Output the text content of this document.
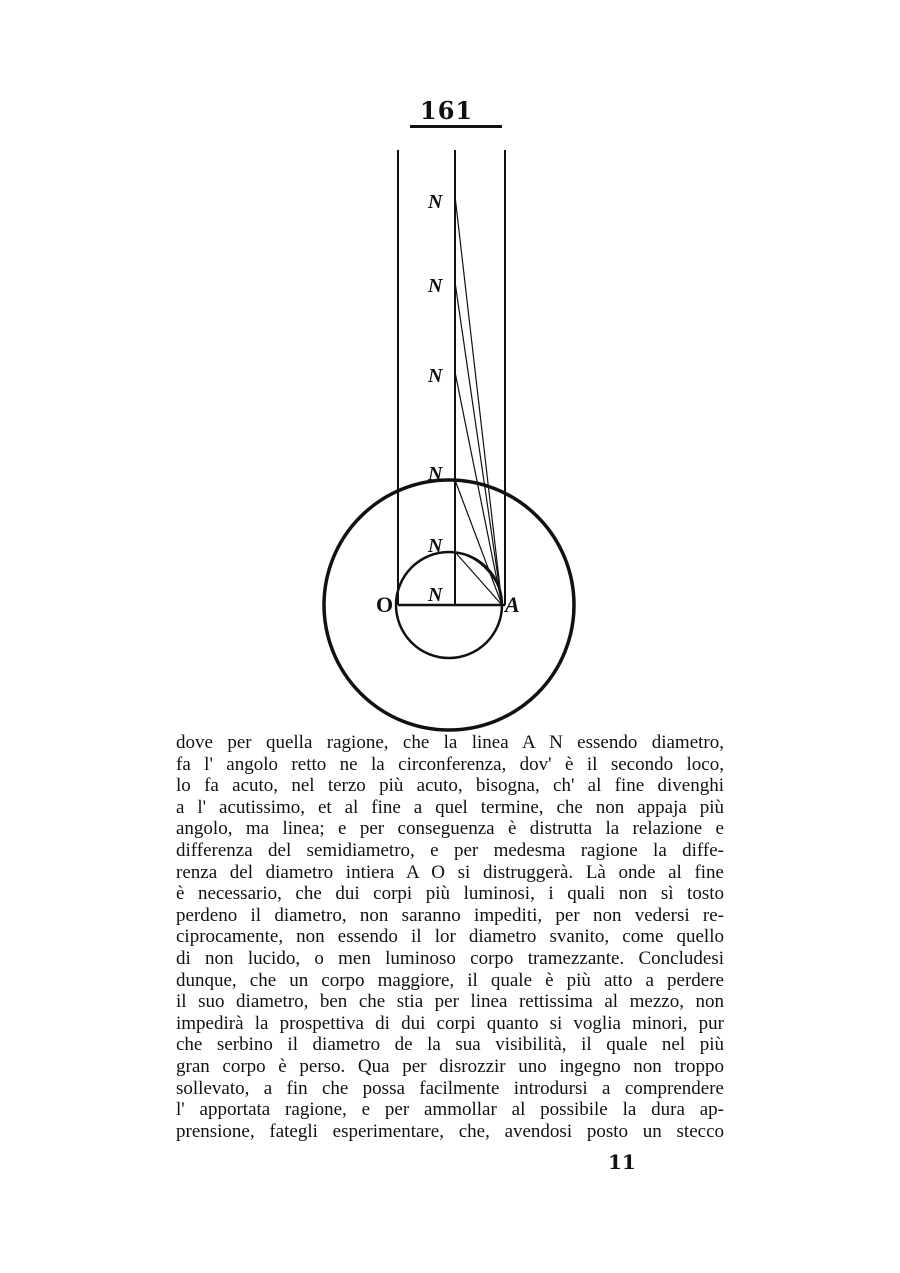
161
N
N
N
N
N
N
O	A
dove per quella ragione, che la linea A N essendo diametro,
fa l' angolo retto ne la circonferenza, dov' è il secondo loco,
lo fa acuto, nel terzo più acuto, bisogna, ch' al fine divenghi
a l' acutissimo, et al fine a quel termine, che non appaja più
angolo, ma linea; e per conseguenza è distrutta la relazione e
differenza del semidiametro, e per medesma ragione la diffe-
renza del diametro intiera A O si distruggerà. Là onde al fine
è necessario, che dui corpi più luminosi, i quali non sì tosto
perdeno il diametro, non saranno impediti, per non vedersi re-
ciprocamente, non essendo il lor diametro svanito, come quello
di non lucido, o men luminoso corpo tramezzante. Concludesi
dunque, che un corpo maggiore, il quale è più atto a perdere
il suo diametro, ben che stia per linea rettissima al mezzo, non
impedirà la prospettiva di dui corpi quanto si voglia minori, pur
che serbino il diametro de la sua visibilità, il quale nel più
gran corpo è perso. Qua per disrozzir uno ingegno non troppo
sollevato, a fin che possa facilmente introdursi a comprendere
l' apportata ragione, e per ammollar al possibile la dura ap-
prensione, fategli esperimentare, che, avendosi posto un stecco
11
